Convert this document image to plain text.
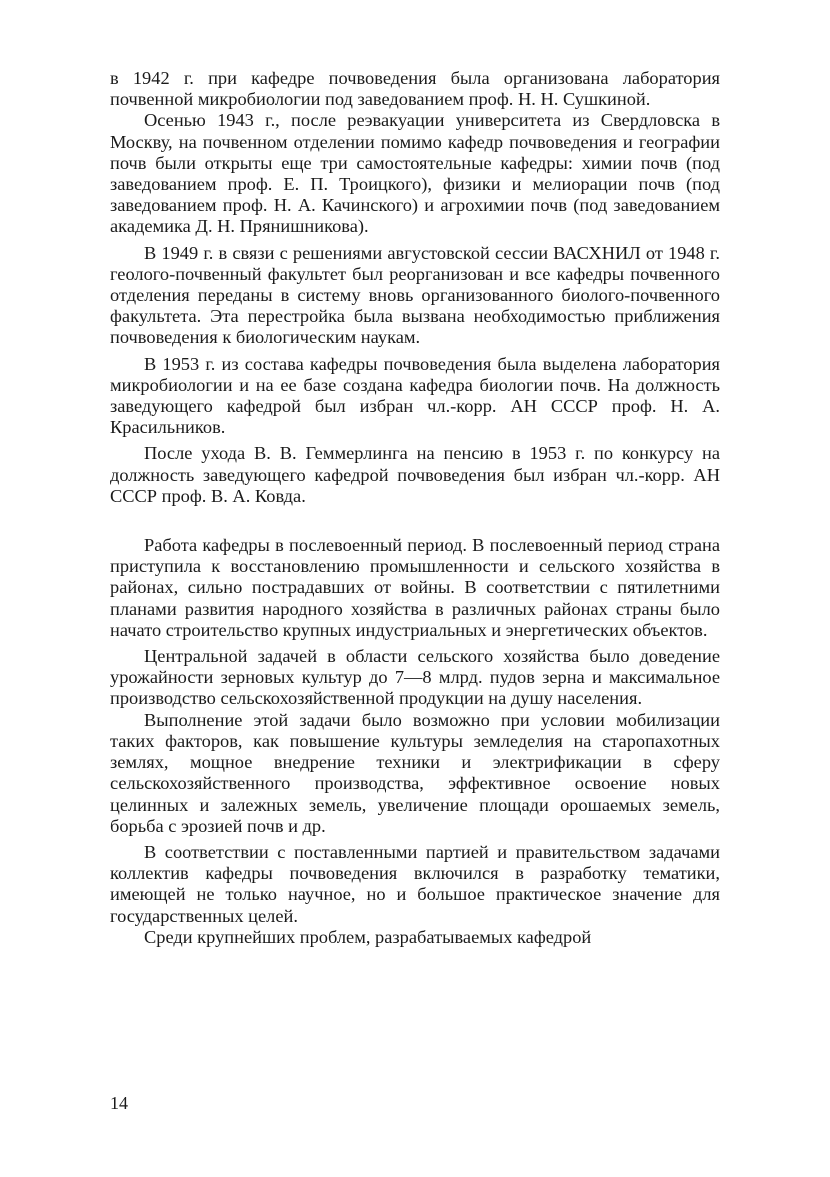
в 1942 г. при кафедре почвоведения была организована лаборатория почвенной микробиологии под заведованием проф. Н. Н. Сушкиной.

Осенью 1943 г., после реэвакуации университета из Свердловска в Москву, на почвенном отделении помимо кафедр почвоведения и географии почв были открыты еще три самостоятельные кафедры: химии почв (под заведованием проф. Е. П. Троицкого), физики и мелиорации почв (под заведованием проф. Н. А. Качинского) и агрохимии почв (под заведованием академика Д. Н. Прянишникова).

В 1949 г. в связи с решениями августовской сессии ВАСХНИЛ от 1948 г. геолого-почвенный факультет был реорганизован и все кафедры почвенного отделения переданы в систему вновь организованного биолого-почвенного факультета. Эта перестройка была вызвана необходимостью приближения почвоведения к биологическим наукам.

В 1953 г. из состава кафедры почвоведения была выделена лаборатория микробиологии и на ее базе создана кафедра биологии почв. На должность заведующего кафедрой был избран чл.-корр. АН СССР проф. Н. А. Красильников.

После ухода В. В. Геммерлинга на пенсию в 1953 г. по конкурсу на должность заведующего кафедрой почвоведения был избран чл.-корр. АН СССР проф. В. А. Ковда.

Работа кафедры в послевоенный период. В послевоенный период страна приступила к восстановлению промышленности и сельского хозяйства в районах, сильно пострадавших от войны. В соответствии с пятилетними планами развития народного хозяйства в различных районах страны было начато строительство крупных индустриальных и энергетических объектов.

Центральной задачей в области сельского хозяйства было доведение урожайности зерновых культур до 7—8 млрд. пудов зерна и максимальное производство сельскохозяйственной продукции на душу населения.

Выполнение этой задачи было возможно при условии мобилизации таких факторов, как повышение культуры земледелия на старопахотных землях, мощное внедрение техники и электрификации в сферу сельскохозяйственного производства, эффективное освоение новых целинных и залежных земель, увеличение площади орошаемых земель, борьба с эрозией почв и др.

В соответствии с поставленными партией и правительством задачами коллектив кафедры почвоведения включился в разработку тематики, имеющей не только научное, но и большое практическое значение для государственных целей.

Среди крупнейших проблем, разрабатываемых кафедрой

14
